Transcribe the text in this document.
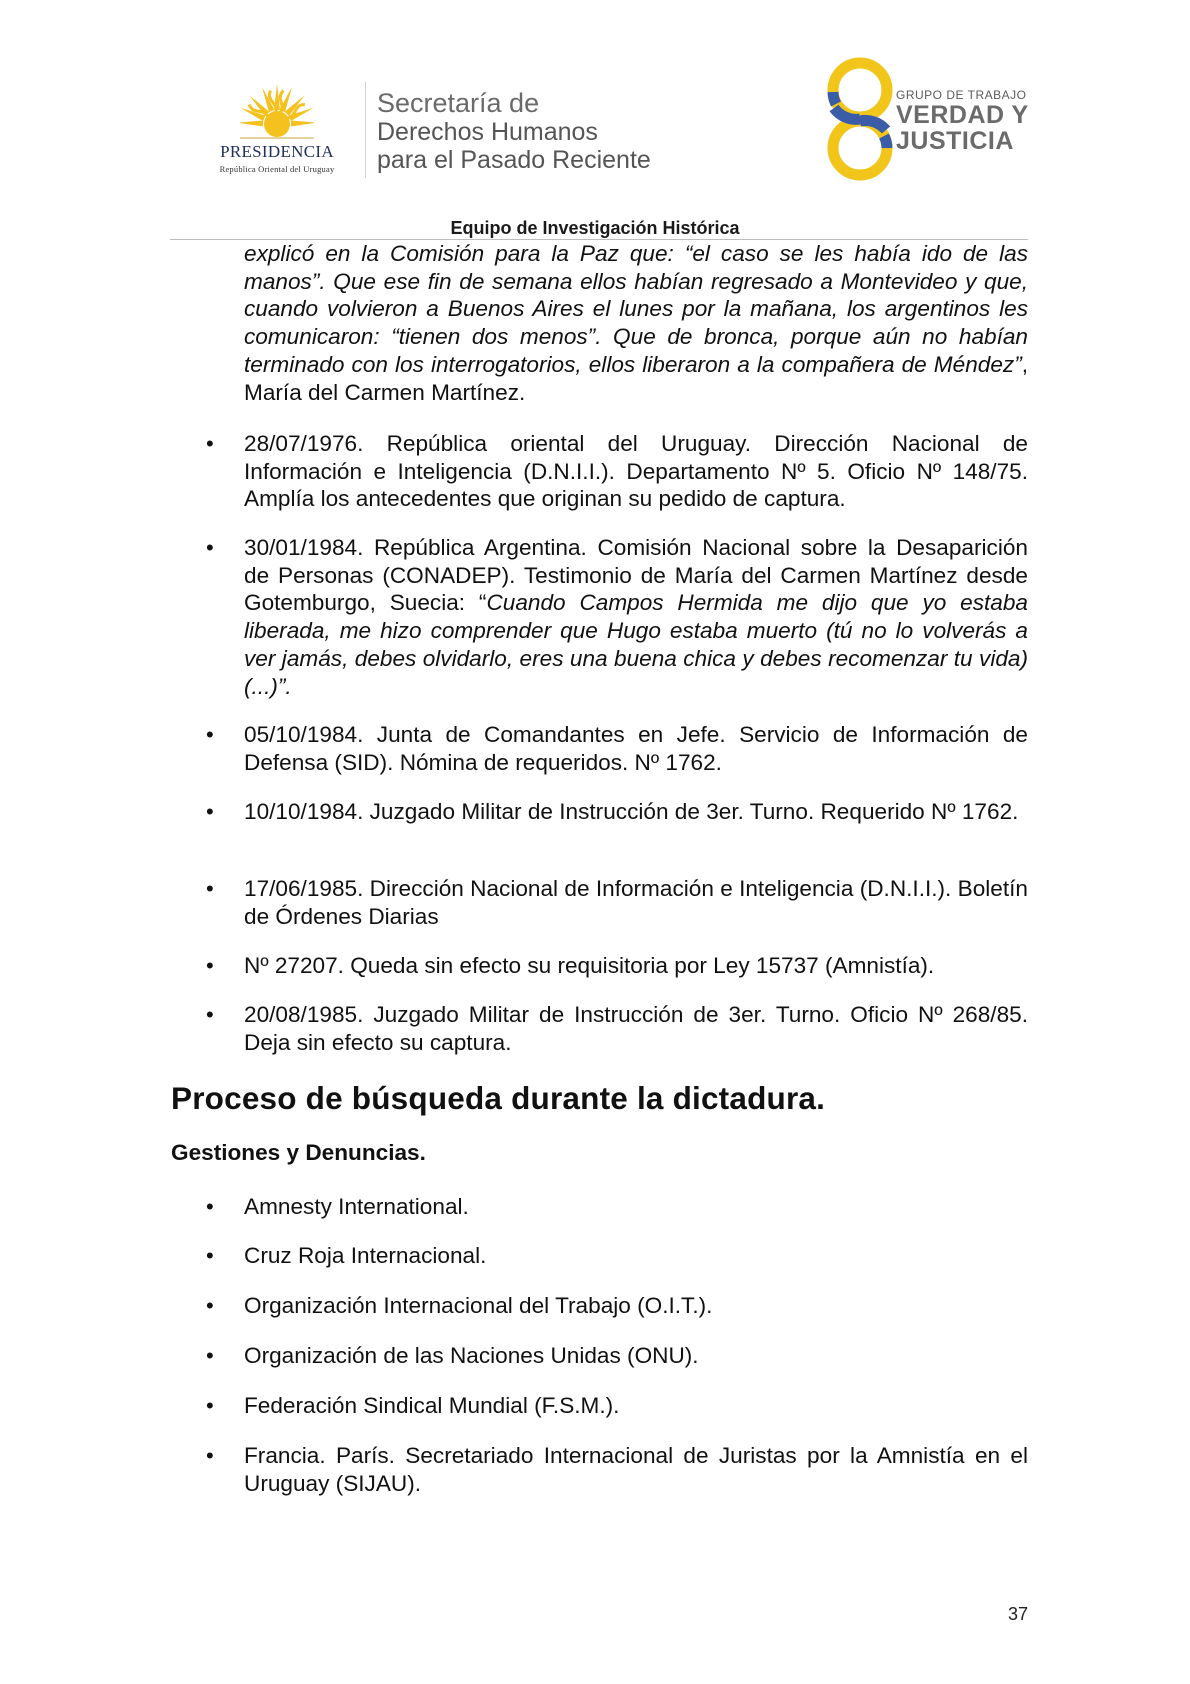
PRESIDENCIA
República Oriental del Uruguay
Secretaría de
Derechos Humanos
para el Pasado Reciente
GRUPO DE TRABAJO
VERDAD Y
JUSTICIA
Equipo de Investigación Histórica
explicó en la Comisión para la Paz que: “el caso se les había ido de las manos”. Que ese fin de semana ellos habían regresado a Montevideo y que, cuando volvieron a Buenos Aires el lunes por la mañana, los argentinos les comunicaron: “tienen dos menos”. Que de bronca, porque aún no habían terminado con los interrogatorios, ellos liberaron a la compañera de Méndez”, María del Carmen Martínez.
• 28/07/1976. República oriental del Uruguay. Dirección Nacional de Información e Inteligencia (D.N.I.I.). Departamento Nº 5. Oficio Nº 148/75. Amplía los antecedentes que originan su pedido de captura.
• 30/01/1984. República Argentina. Comisión Nacional sobre la Desaparición de Personas (CONADEP). Testimonio de María del Carmen Martínez desde Gotemburgo, Suecia: “Cuando Campos Hermida me dijo que yo estaba liberada, me hizo comprender que Hugo estaba muerto (tú no lo volverás a ver jamás, debes olvidarlo, eres una buena chica y debes recomenzar tu vida) (...)”.
• 05/10/1984. Junta de Comandantes en Jefe. Servicio de Información de Defensa (SID). Nómina de requeridos. Nº 1762.
• 10/10/1984. Juzgado Militar de Instrucción de 3er. Turno. Requerido Nº 1762.
• 17/06/1985. Dirección Nacional de Información e Inteligencia (D.N.I.I.). Boletín de Órdenes Diarias
• Nº 27207. Queda sin efecto su requisitoria por Ley 15737 (Amnistía).
• 20/08/1985. Juzgado Militar de Instrucción de 3er. Turno. Oficio Nº 268/85. Deja sin efecto su captura.
Proceso de búsqueda durante la dictadura.
Gestiones y Denuncias.
• Amnesty International.
• Cruz Roja Internacional.
• Organización Internacional del Trabajo (O.I.T.).
• Organización de las Naciones Unidas (ONU).
• Federación Sindical Mundial (F.S.M.).
• Francia. París. Secretariado Internacional de Juristas por la Amnistía en el Uruguay (SIJAU).
37
